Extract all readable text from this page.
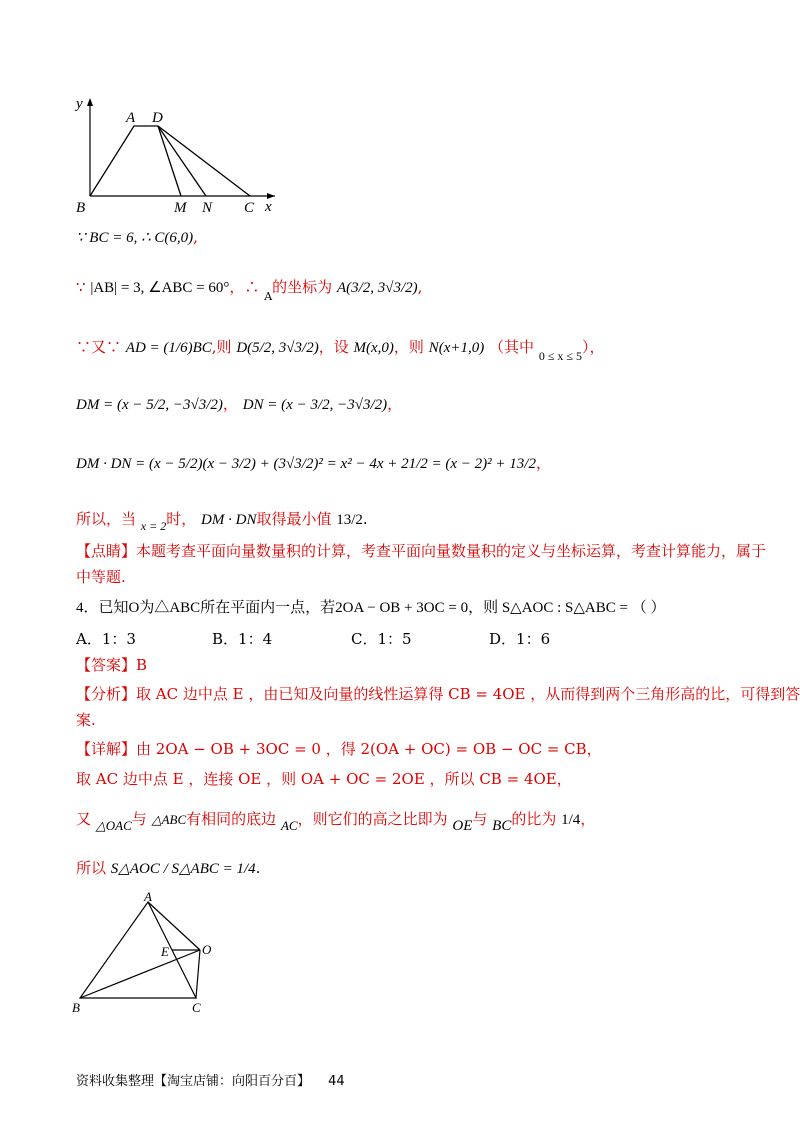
y
A D
B	M N C x
∵ BC = 6, ∴ C(6,0),
∵ |AB| = 3, ∠ABC = 60°，∴ $_A$的坐标为 A(3/2, 3√3/2),
∵又∵ AD = (1/6)BC,则 D(5/2, 3√3/2)，设 M(x,0)，则 N(x+1,0) （其中 $_{0 \le x \le 5}$），
DM = (x − 5/2, −3√3/2)， DN = (x − 3/2, −3√3/2)，
DM · DN = (x − 5/2)(x − 3/2) + (3√3/2)² = x² − 4x + 21/2 = (x − 2)² + 13/2，
所以，当 $_{x = 2}$时， DM · DN取得最小值 13/2.
【点睛】本题考查平面向量数量积的计算，考查平面向量数量积的定义与坐标运算，考查计算能力，属于
中等题.
4．已知O为△ABC所在平面内一点，若2OA − OB + 3OC = 0，则 S△AOC : S△ABC = （ ）
A．1：3	B．1：4	C．1：5	D．1：6
【答案】B
【分析】取 AC 边中点 E ，由已知及向量的线性运算得 CB = 4OE ，从而得到两个三角形高的比，可得到答
案.
【详解】由 2OA − OB + 3OC = 0 ，得 2(OA + OC) = OB − OC = CB，
取 AC 边中点 E ，连接 OE ，则 OA + OC = 2OE ，所以 CB = 4OE，
又 △OAC与 △ABC有相同的底边 AC，则它们的高之比即为 OE与 BC的比为 1/4，
所以 S△AOC / S△ABC = 1/4.
A
E	O
B	C
资料收集整理【淘宝店铺：向阳百分百】 44
